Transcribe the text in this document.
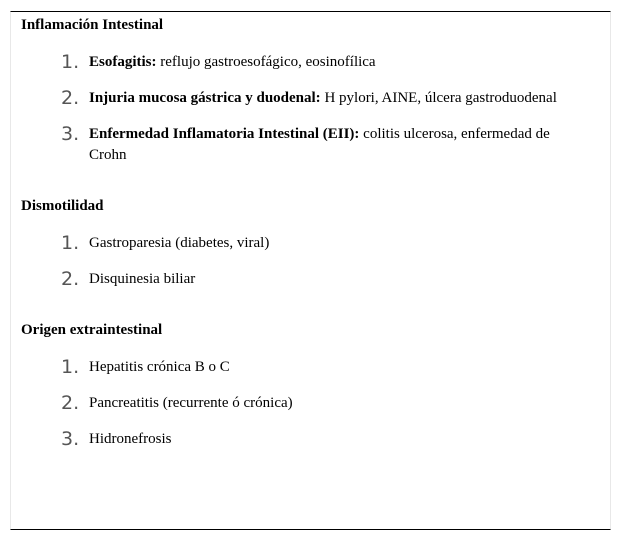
Inflamación Intestinal
1. Esofagitis: reflujo gastroesofágico, eosinofílica
2. Injuria mucosa gástrica y duodenal: H pylori, AINE, úlcera gastroduodenal
3. Enfermedad Inflamatoria Intestinal (EII): colitis ulcerosa, enfermedad de Crohn
Dismotilidad
1. Gastroparesia (diabetes, viral)
2. Disquinesia biliar
Origen extraintestinal
1. Hepatitis crónica B o C
2. Pancreatitis (recurrente ó crónica)
3. Hidronefrosis
